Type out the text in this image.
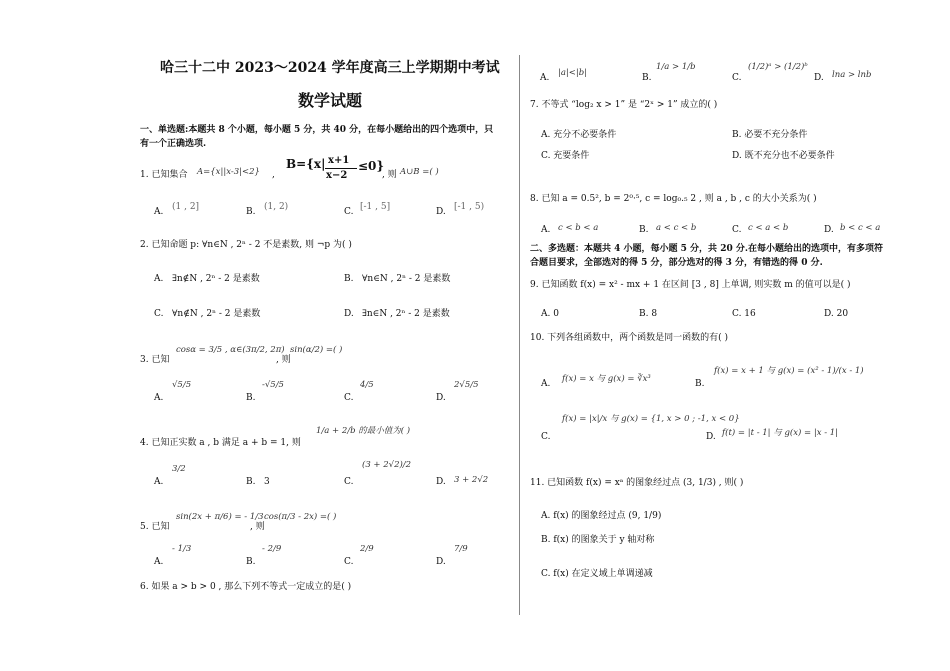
哈三十二中 2023～2024 学年度高三上学期期中考试
数学试题
一、单选题:本题共 8 个小题，每小题 5 分，共 40 分，在每小题给出的四个选项中，只
有一个正确选项.
1. 已知集合 A={x||x-3|<2} ,
B={x| x+1
x−2
≤0}
, 则 A∪B =( )
A. (1 , 2]	B. (1, 2)	C. [-1 , 5]	D. [-1 , 5)
2. 已知命题 p: ∀n∈N , 2ⁿ - 2 不是素数, 则 ¬p 为( )
A. ∃n∉N , 2ⁿ - 2 是素数	B. ∀n∈N , 2ⁿ - 2 是素数
C. ∀n∉N , 2ⁿ - 2 是素数	D. ∃n∈N , 2ⁿ - 2 是素数
cosα = 3/5 , α∈(3π/2, 2π)
3. 已知	, 则
sin(α/2) =( )
A.
√5/5
B.
-√5/5
C.
4/5
D.
2√5/5
4. 已知正实数 a , b 满足 a + b = 1, 则
1/a + 2/b 的最小值为( )
A.
3/2
B. 3	C.
(3 + 2√2)/2
D. 3 + 2√2
sin(2x + π/6) = - 1/3
5. 已知	, 则
cos(π/3 - 2x) =( )
A.
- 1/3
B.
- 2/9
C.
2/9
D.
7/9
6. 如果 a > b > 0 , 那么下列不等式一定成立的是( )
A. |a|<|b|	B.
1/a > 1/b
C.
(1/2)ᵃ > (1/2)ᵇ
D. lna > lnb
7. 不等式 “log₂ x > 1” 是 “2ˣ > 1” 成立的( )
A. 充分不必要条件	B. 必要不充分条件
C. 充要条件	D. 既不充分也不必要条件
8. 已知 a = 0.5², b = 2⁰·⁵, c = log₀.₅ 2 , 则 a , b , c 的大小关系为( )
A. c < b < a	B. a < c < b	C. c < a < b	D. b < c < a
二、多选题：本题共 4 小题，每小题 5 分，共 20 分.在每小题给出的选项中，有多项符
合题目要求，全部选对的得 5 分，部分选对的得 3 分，有错选的得 0 分.
9. 已知函数 f(x) = x² - mx + 1 在区间 [3 , 8] 上单调, 则实数 m 的值可以是( )
A. 0	B. 8	C. 16	D. 20
10. 下列各组函数中，两个函数是同一函数的有( )
A. f(x) = x 与 g(x) = ∛x³	B.
f(x) = x + 1 与 g(x) = (x² - 1)/(x - 1)
C.
f(x) = |x|/x 与 g(x) = {1, x > 0 ; -1, x < 0}
D. f(t) = |t - 1| 与 g(x) = |x - 1|
11. 已知函数 f(x) = xᵃ 的图象经过点 (3, 1/3) , 则( )
A. f(x) 的图象经过点 (9, 1/9)
B. f(x) 的图象关于 y 轴对称
C. f(x) 在定义域上单调递减
